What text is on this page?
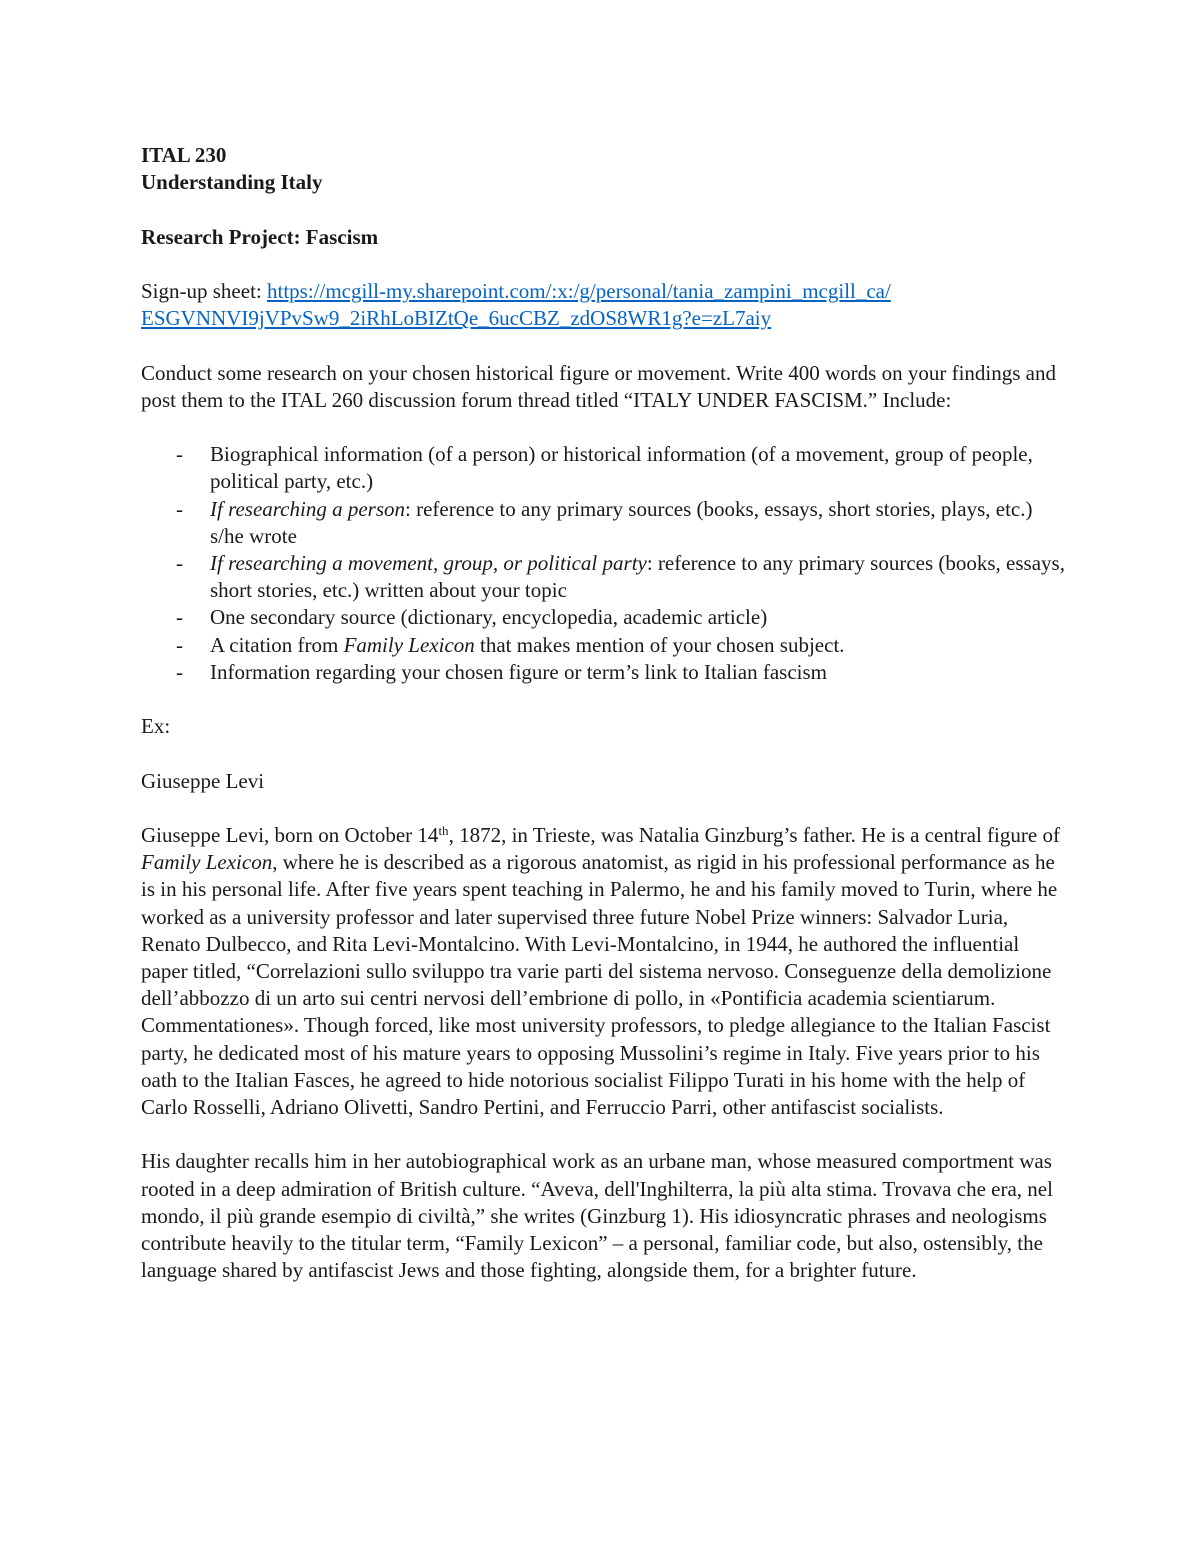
ITAL 230
Understanding Italy
Research Project: Fascism

Sign-up sheet: https://mcgill-my.sharepoint.com/:x:/g/personal/tania_zampini_mcgill_ca/
ESGVNNVI9jVPvSw9_2iRhLoBIZtQe_6ucCBZ_zdOS8WR1g?e=zL7aiy

Conduct some research on your chosen historical figure or movement. Write 400 words on your findings and post them to the ITAL 260 discussion forum thread titled “ITALY UNDER FASCISM.” Include:

- Biographical information (of a person) or historical information (of a movement, group of people, political party, etc.)
- If researching a person: reference to any primary sources (books, essays, short stories, plays, etc.) s/he wrote
- If researching a movement, group, or political party: reference to any primary sources (books, essays, short stories, etc.) written about your topic
- One secondary source (dictionary, encyclopedia, academic article)
- A citation from Family Lexicon that makes mention of your chosen subject.
- Information regarding your chosen figure or term’s link to Italian fascism

Ex:

Giuseppe Levi

Giuseppe Levi, born on October 14th, 1872, in Trieste, was Natalia Ginzburg’s father. He is a central figure of Family Lexicon, where he is described as a rigorous anatomist, as rigid in his professional performance as he is in his personal life. After five years spent teaching in Palermo, he and his family moved to Turin, where he worked as a university professor and later supervised three future Nobel Prize winners: Salvador Luria, Renato Dulbecco, and Rita Levi-Montalcino. With Levi-Montalcino, in 1944, he authored the influential paper titled, “Correlazioni sullo sviluppo tra varie parti del sistema nervoso. Conseguenze della demolizione dell’abbozzo di un arto sui centri nervosi dell’embrione di pollo, in «Pontificia academia scientiarum. Commentationes». Though forced, like most university professors, to pledge allegiance to the Italian Fascist party, he dedicated most of his mature years to opposing Mussolini’s regime in Italy. Five years prior to his oath to the Italian Fasces, he agreed to hide notorious socialist Filippo Turati in his home with the help of Carlo Rosselli, Adriano Olivetti, Sandro Pertini, and Ferruccio Parri, other antifascist socialists.

His daughter recalls him in her autobiographical work as an urbane man, whose measured comportment was rooted in a deep admiration of British culture. “Aveva, dell'Inghilterra, la più alta stima. Trovava che era, nel mondo, il più grande esempio di civiltà,” she writes (Ginzburg 1). His idiosyncratic phrases and neologisms contribute heavily to the titular term, “Family Lexicon” – a personal, familiar code, but also, ostensibly, the language shared by antifascist Jews and those fighting, alongside them, for a brighter future.
